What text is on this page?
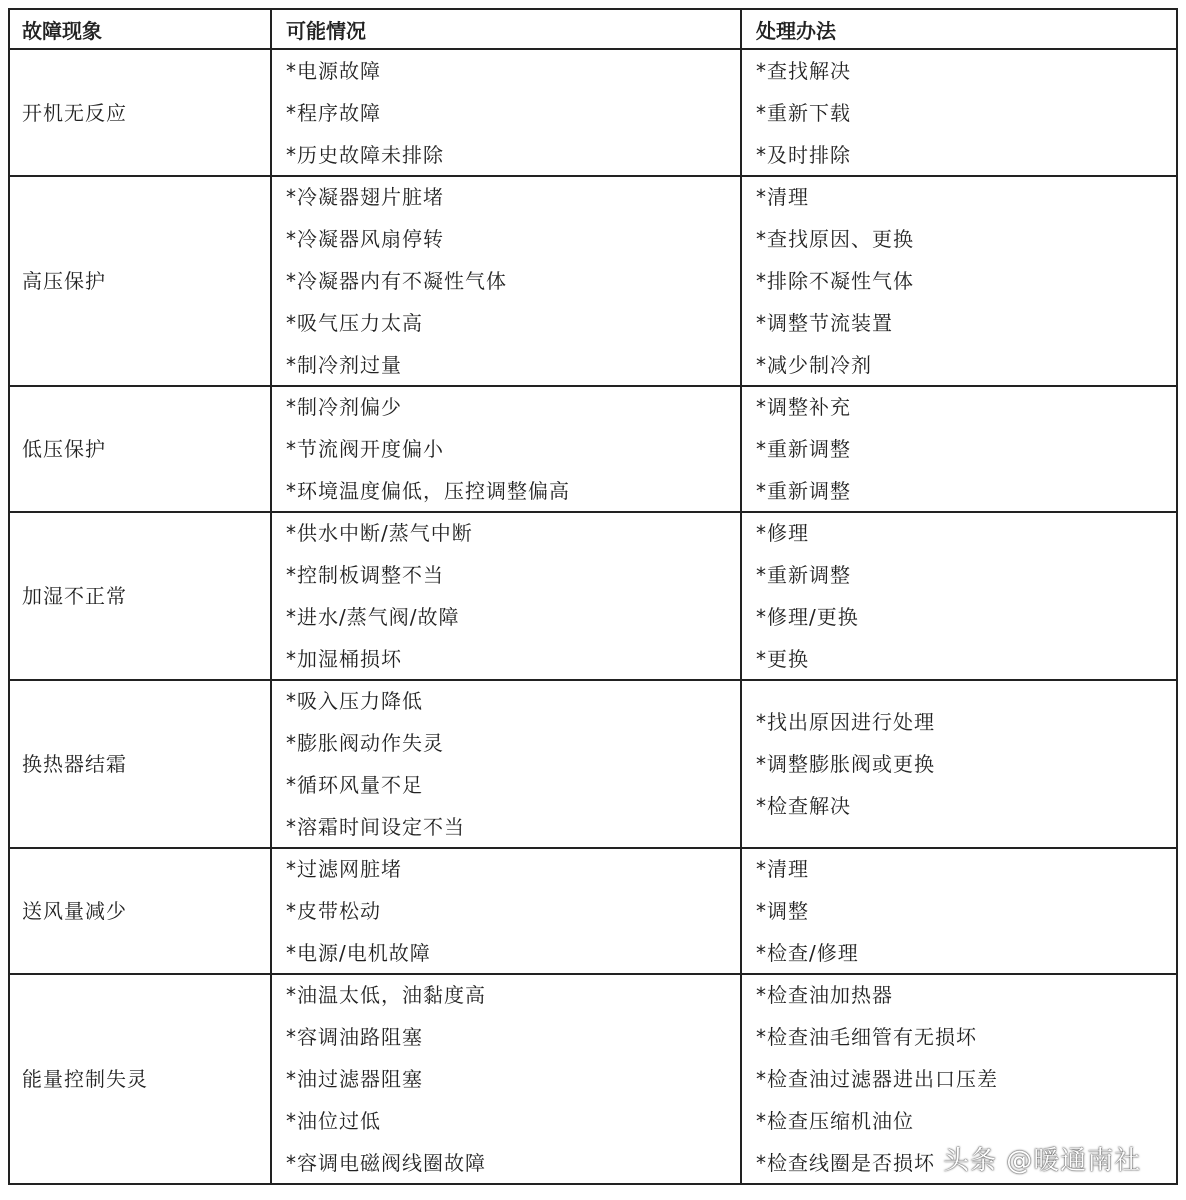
故障现象	可能情况	处理办法
开机无反应
*电源故障
*程序故障
*历史故障未排除
*查找解决
*重新下载
*及时排除
高压保护
*冷凝器翅片脏堵
*冷凝器风扇停转
*冷凝器内有不凝性气体
*吸气压力太高
*制冷剂过量
*清理
*查找原因、更换
*排除不凝性气体
*调整节流装置
*减少制冷剂
低压保护
*制冷剂偏少
*节流阀开度偏小
*环境温度偏低，压控调整偏高
*调整补充
*重新调整
*重新调整
加湿不正常
*供水中断/蒸气中断
*控制板调整不当
*进水/蒸气阀/故障
*加湿桶损坏
*修理
*重新调整
*修理/更换
*更换
换热器结霜
*吸入压力降低
*膨胀阀动作失灵
*循环风量不足
*溶霜时间设定不当
*找出原因进行处理
*调整膨胀阀或更换
*检查解决
送风量减少
*过滤网脏堵
*皮带松动
*电源/电机故障
*清理
*调整
*检查/修理
能量控制失灵
*油温太低，油黏度高
*容调油路阻塞
*油过滤器阻塞
*油位过低
*容调电磁阀线圈故障
*检查油加热器
*检查油毛细管有无损坏
*检查油过滤器进出口压差
*检查压缩机油位
*检查线圈是否损坏 头条 @暖通南社
